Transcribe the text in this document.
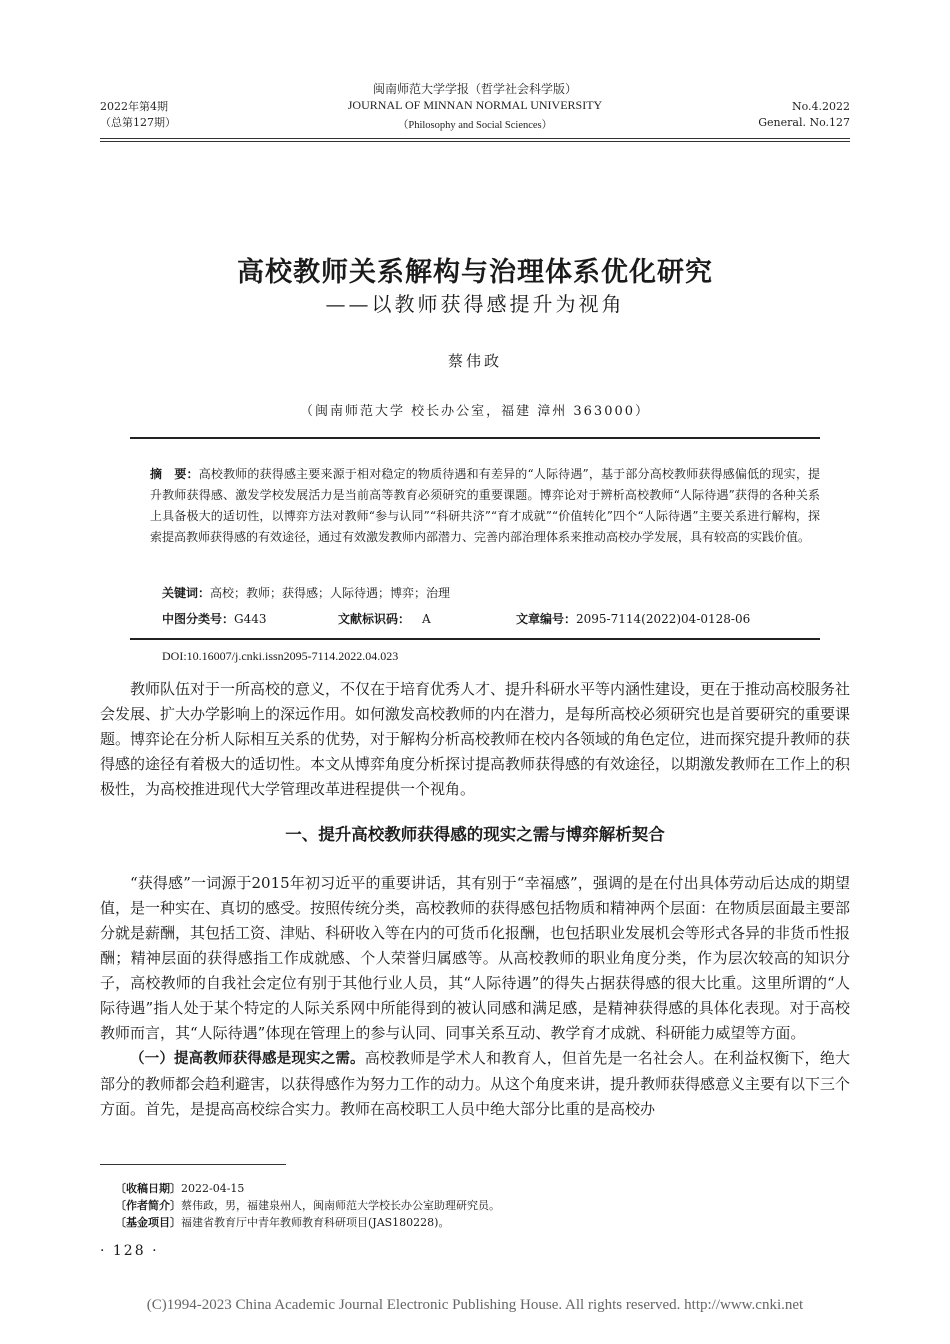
2022年第4期
（总第127期）
闽南师范大学学报（哲学社会科学版）
JOURNAL OF MINNAN NORMAL UNIVERSITY
（Philosophy and Social Sciences）
No.4.2022
General. No.127
高校教师关系解构与治理体系优化研究
——以教师获得感提升为视角
蔡伟政
（闽南师范大学 校长办公室，福建 漳州 363000）
摘　要：高校教师的获得感主要来源于相对稳定的物质待遇和有差异的“人际待遇”，基于部分高校教师获得感偏低的现实，提升教师获得感、激发学校发展活力是当前高等教育必须研究的重要课题。博弈论对于辨析高校教师“人际待遇”获得的各种关系上具备极大的适切性，以博弈方法对教师“参与认同”“科研共济”“育才成就”“价值转化”四个“人际待遇”主要关系进行解构，探索提高教师获得感的有效途径，通过有效激发教师内部潜力、完善内部治理体系来推动高校办学发展，具有较高的实践价值。
关键词：高校；教师；获得感；人际待遇；博弈；治理
中图分类号：G443	文献标识码： A	文章编号：2095-7114(2022)04-0128-06
DOI:10.16007/j.cnki.issn2095-7114.2022.04.023

教师队伍对于一所高校的意义，不仅在于培育优秀人才、提升科研水平等内涵性建设，更在于推动高校服务社会发展、扩大办学影响上的深远作用。如何激发高校教师的内在潜力，是每所高校必须研究也是首要研究的重要课题。博弈论在分析人际相互关系的优势，对于解构分析高校教师在校内各领域的角色定位，进而探究提升教师的获得感的途径有着极大的适切性。本文从博弈角度分析探讨提高教师获得感的有效途径，以期激发教师在工作上的积极性，为高校推进现代大学管理改革进程提供一个视角。

一、提升高校教师获得感的现实之需与博弈解析契合

“获得感”一词源于2015年初习近平的重要讲话，其有别于“幸福感”，强调的是在付出具体劳动后达成的期望值，是一种实在、真切的感受。按照传统分类，高校教师的获得感包括物质和精神两个层面：在物质层面最主要部分就是薪酬，其包括工资、津贴、科研收入等在内的可货币化报酬，也包括职业发展机会等形式各异的非货币性报酬；精神层面的获得感指工作成就感、个人荣誉归属感等。从高校教师的职业角度分类，作为层次较高的知识分子，高校教师的自我社会定位有别于其他行业人员，其“人际待遇”的得失占据获得感的很大比重。这里所谓的“人际待遇”指人处于某个特定的人际关系网中所能得到的被认同感和满足感，是精神获得感的具体化表现。对于高校教师而言，其“人际待遇”体现在管理上的参与认同、同事关系互动、教学育才成就、科研能力威望等方面。

（一）提高教师获得感是现实之需。高校教师是学术人和教育人，但首先是一名社会人。在利益权衡下，绝大部分的教师都会趋利避害，以获得感作为努力工作的动力。从这个角度来讲，提升教师获得感意义主要有以下三个方面。首先，是提高高校综合实力。教师在高校职工人员中绝大部分比重的是高校办

〔收稿日期〕2022-04-15
〔作者简介〕蔡伟政，男，福建泉州人，闽南师范大学校长办公室助理研究员。
〔基金项目〕福建省教育厅中青年教师教育科研项目(JAS180228)。
· 128 ·
(C)1994-2023 China Academic Journal Electronic Publishing House. All rights reserved. http://www.cnki.net
